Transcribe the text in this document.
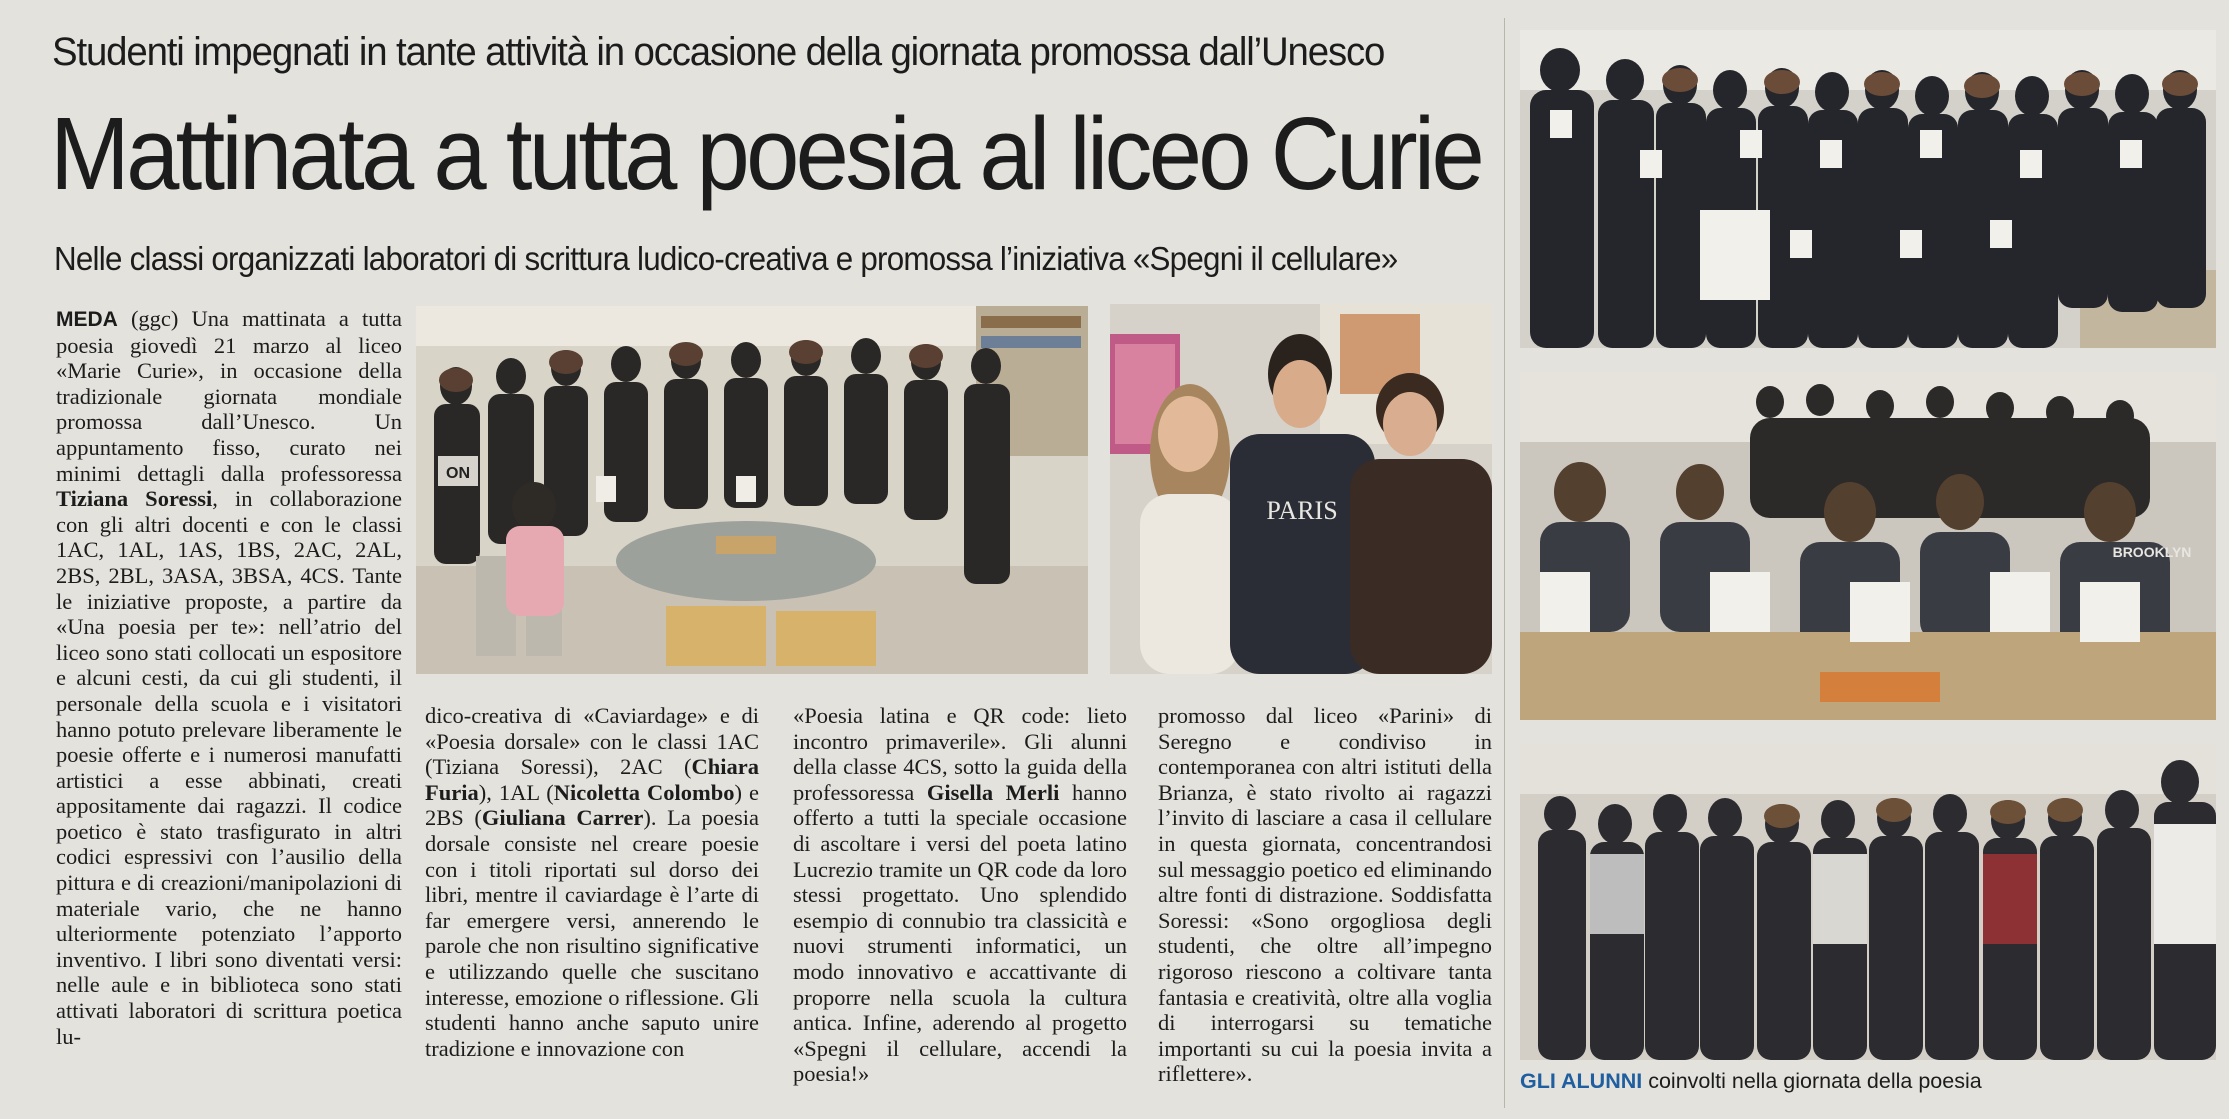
Studenti impegnati in tante attività in occasione della giornata promossa dall’Unesco
Mattinata a tutta poesia al liceo Curie
Nelle classi organizzati laboratori di scrittura ludico-creativa e promossa l’iniziativa «Spegni il cellulare»

MEDA (ggc) Una mattinata a tutta poesia giovedì 21 marzo al liceo «Marie Curie», in occasione della tradizionale giornata mondiale promossa dall’Unesco. Un appuntamento fisso, curato nei minimi dettagli dalla professoressa Tiziana Soressi, in collaborazione con gli altri docenti e con le classi 1AC, 1AL, 1AS, 1BS, 2AC, 2AL, 2BS, 2BL, 3ASA, 3BSA, 4CS. Tante le iniziative proposte, a partire da «Una poesia per te»: nell’atrio del liceo sono stati collocati un espositore e alcuni cesti, da cui gli studenti, il personale della scuola e i visitatori hanno potuto prelevare liberamente le poesie offerte e i numerosi manufatti artistici a esse abbinati, creati appositamente dai ragazzi. Il codice poetico è stato trasfigurato in altri codici espressivi con l’ausilio della pittura e di creazioni/manipolazioni di materiale vario, che ne hanno ulteriormente potenziato l’apporto inventivo. I libri sono diventati versi: nelle aule e in biblioteca sono stati attivati laboratori di scrittura poetica lu-

dico-creativa di «Caviardage» e di «Poesia dorsale» con le classi 1AC (Tiziana Soressi), 2AC (Chiara Furia), 1AL (Nicoletta Colombo) e 2BS (Giuliana Carrer). La poesia dorsale consiste nel creare poesie con i titoli riportati sul dorso dei libri, mentre il caviardage è l’arte di far emergere versi, annerendo le parole che non risultino significative e utilizzando quelle che suscitano interesse, emozione o riflessione. Gli studenti hanno anche saputo unire tradizione e innovazione con

«Poesia latina e QR code: lieto incontro primaverile». Gli alunni della classe 4CS, sotto la guida della professoressa Gisella Merli hanno offerto a tutti la speciale occasione di ascoltare i versi del poeta latino Lucrezio tramite un QR code da loro stessi progettato. Uno splendido esempio di connubio tra classicità e nuovi strumenti informatici, un modo innovativo e accattivante di proporre nella scuola la cultura antica. Infine, aderendo al progetto «Spegni il cellulare, accendi la poesia!»

promosso dal liceo «Parini» di Seregno e condiviso in contemporanea con altri istituti della Brianza, è stato rivolto ai ragazzi l’invito di lasciare a casa il cellulare in questa giornata, concentrandosi sul messaggio poetico ed eliminando altre fonti di distrazione. Soddisfatta Soressi: «Sono orgogliosa degli studenti, che oltre all’impegno rigoroso riescono a coltivare tanta fantasia e creatività, oltre alla voglia di interrogarsi su tematiche importanti su cui la poesia invita a riflettere».

ON
PARIS
BROOKLYN
GLI ALUNNI coinvolti nella giornata della poesia
